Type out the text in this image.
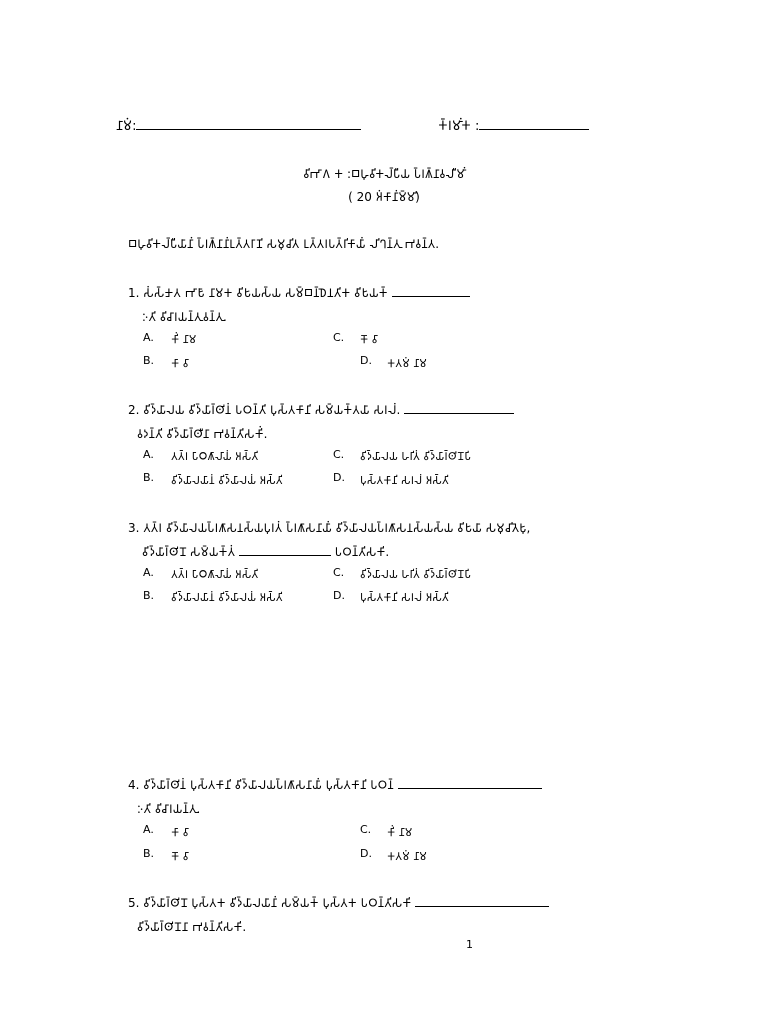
𑀦𑀸𑀫𑀁:	𑀓𑁆𑀭𑀫𑀸𑀁𑀓 :
𑀯𑀺𑀪𑀸𑀕 𑀓 :𑀩𑀳𑀼𑀯𑀺𑀓𑀮𑁆𑀧𑀻𑀬 𑀧𑁆𑀭𑀰𑁆𑀦𑀸𑀯𑀮𑀻𑀫𑀸𑀁
( 20 𑀅𑀁𑀓𑀸𑀦𑀸𑀁𑀫𑁆𑀫𑀺)
𑀩𑀳𑀼𑀯𑀺𑀓𑀮𑁆𑀧𑀻𑀬𑀸𑀦𑀸𑀁 𑀧𑁆𑀭𑀰𑁆𑀦𑀸𑀦𑀸𑀁𑀉𑀢𑁆𑀢𑀭𑀸𑀡𑀺 𑀲𑀫𑀼𑀘𑀺𑀢 𑀉𑀢𑁆𑀢𑀭𑀧𑀢𑁆𑀭𑀺𑀓𑀸𑀬𑀸𑀁 𑀮𑀺𑀔𑀦𑁆𑀢𑀼 𑀪𑀯𑀦𑁆𑀢.
1. 𑀲𑀁𑀲𑁆𑀓𑀾𑀢 𑀪𑀸𑀱𑀸 𑀦𑀸𑀫𑀓 𑀯𑀺𑀱𑀬𑀲𑁆𑀬 𑀲𑀫𑁆𑀩𑀦𑁆𑀥𑁂𑀦𑀾𑀢𑀺𑀓 𑀯𑀺𑀱𑀬𑀓𑁆
𑀇𑀢𑀺 𑀯𑀺𑀘𑀸𑀭𑀬𑀦𑁆𑀢𑀼𑀯𑀦𑁆𑀢𑀼.
A. 𑀓𑀺𑀁 𑀦𑀸𑀫	C. 𑀓𑁄 𑀯𑀸
B. 𑀓𑀸 𑀯𑀸	D. 𑀓𑀢𑀫𑀁 𑀦𑀸𑀫
2. 𑀯𑀺𑀤𑁆𑀬𑀸𑀮𑀬 𑀯𑀺𑀤𑁆𑀬𑀸𑀭𑁆𑀣𑀺𑀦𑀁 𑀧𑀞𑀦𑁆𑀢𑀺 𑀧𑀼𑀲𑁆𑀢𑀓𑀸𑀦𑀺 𑀲𑀫𑁆𑀬𑀓𑁆𑀢𑀬𑀸 𑀲𑀭𑀮𑀁.
𑀯𑀤𑀦𑁆𑀢𑀺 𑀯𑀺𑀤𑁆𑀬𑀸𑀭𑁆𑀣𑀻𑀦𑀸 𑀪𑀯𑀦𑁆𑀢𑀺𑀲𑀓𑀺𑀁.
A. 𑀢𑀢𑁆𑀭 𑀧𑀸𑀞𑀰𑀸𑀮𑀸𑀬𑀁 𑀅𑀲𑁆𑀢𑀺	C. 𑀯𑀺𑀤𑁆𑀬𑀸𑀮𑀬 𑀳𑀭𑀺𑀢𑀁 𑀯𑀺𑀤𑁆𑀬𑀸𑀭𑁆𑀣𑀺𑀦𑁄𑀧𑀺
B. 𑀯𑀺𑀤𑁆𑀬𑀸𑀮𑀬𑀸𑀦𑀁 𑀯𑀺𑀤𑁆𑀬𑀸𑀮𑀬𑀁 𑀅𑀲𑁆𑀢𑀺	D. 𑀧𑀼𑀲𑁆𑀢𑀓𑀸𑀦𑀺 𑀲𑀭𑀮𑀁 𑀅𑀲𑁆𑀢𑀺
3. 𑀢𑀢𑁆𑀭 𑀯𑀺𑀤𑁆𑀬𑀸𑀮𑀬𑀧𑁆𑀭𑀰𑀸𑀲𑀦𑀲𑁆𑀬𑀧𑀼𑀭𑀢𑀁 𑀧𑁆𑀭𑀰𑀸𑀲𑀦𑀸𑀬𑀸𑀁 𑀯𑀺𑀤𑁆𑀬𑀸𑀮𑀬𑀧𑁆𑀭𑀰𑀸𑀲𑀦𑀲𑁆𑀬𑀲𑁆𑀬 𑀯𑀺𑀱𑀬𑀸 𑀲𑀫𑀼𑀘𑀺𑀢𑁂𑀱𑀼,
𑀯𑀺𑀤𑁆𑀬𑀸𑀭𑁆𑀣𑀺𑀦𑁄 𑀲𑀫𑁆𑀬𑀓𑁆𑀢𑀁	𑀧𑀞𑀦𑁆𑀢𑀺𑀲𑀓𑀺.
A. 𑀢𑀢𑁆𑀭 𑀧𑀸𑀞𑀰𑀸𑀮𑀸𑀬𑀁 𑀅𑀲𑁆𑀢𑀺	C. 𑀯𑀺𑀤𑁆𑀬𑀸𑀮𑀬 𑀳𑀭𑀺𑀢𑀁 𑀯𑀺𑀤𑁆𑀬𑀸𑀭𑁆𑀣𑀺𑀦𑁄𑀧𑀺
B. 𑀯𑀺𑀤𑁆𑀬𑀸𑀮𑀬𑀸𑀦𑀁 𑀯𑀺𑀤𑁆𑀬𑀸𑀮𑀬𑀁 𑀅𑀲𑁆𑀢𑀺	D. 𑀧𑀼𑀲𑁆𑀢𑀓𑀸𑀦𑀺 𑀲𑀭𑀮𑀁 𑀅𑀲𑁆𑀢𑀺
4. 𑀯𑀺𑀤𑁆𑀬𑀸𑀭𑁆𑀣𑀺𑀦𑀁 𑀧𑀼𑀲𑁆𑀢𑀓𑀸𑀦𑀺 𑀯𑀺𑀤𑁆𑀬𑀸𑀮𑀬𑀧𑁆𑀭𑀰𑀸𑀲𑀦𑀸𑀬𑀸𑀁 𑀧𑀼𑀲𑁆𑀢𑀓𑀸𑀦𑀺 𑀧𑀞𑀦𑁆
𑀇𑀢𑀺 𑀯𑀺𑀘𑀸𑀭𑀬𑀦𑁆𑀢𑀼.
A. 𑀓𑀸 𑀯𑀸	C. 𑀓𑀺𑀁 𑀦𑀸𑀫
B. 𑀓𑁄 𑀯𑀸	D. 𑀓𑀢𑀫𑀁 𑀦𑀸𑀫
5. 𑀯𑀺𑀤𑁆𑀬𑀸𑀭𑁆𑀣𑀺𑀦𑁄 𑀧𑀼𑀲𑁆𑀢𑀓 𑀯𑀺𑀤𑁆𑀬𑀸𑀮𑀬𑀸𑀦𑀸𑀁 𑀲𑀫𑁆𑀬𑀓𑁆 𑀧𑀼𑀲𑁆𑀢𑀓 𑀧𑀞𑀦𑁆𑀢𑀺𑀲𑀓𑀺
𑀯𑀺𑀤𑁆𑀬𑀸𑀭𑁆𑀣𑀺𑀦𑁄𑀦𑀸 𑀪𑀯𑀦𑁆𑀢𑀺𑀲𑀓𑀺.
1
